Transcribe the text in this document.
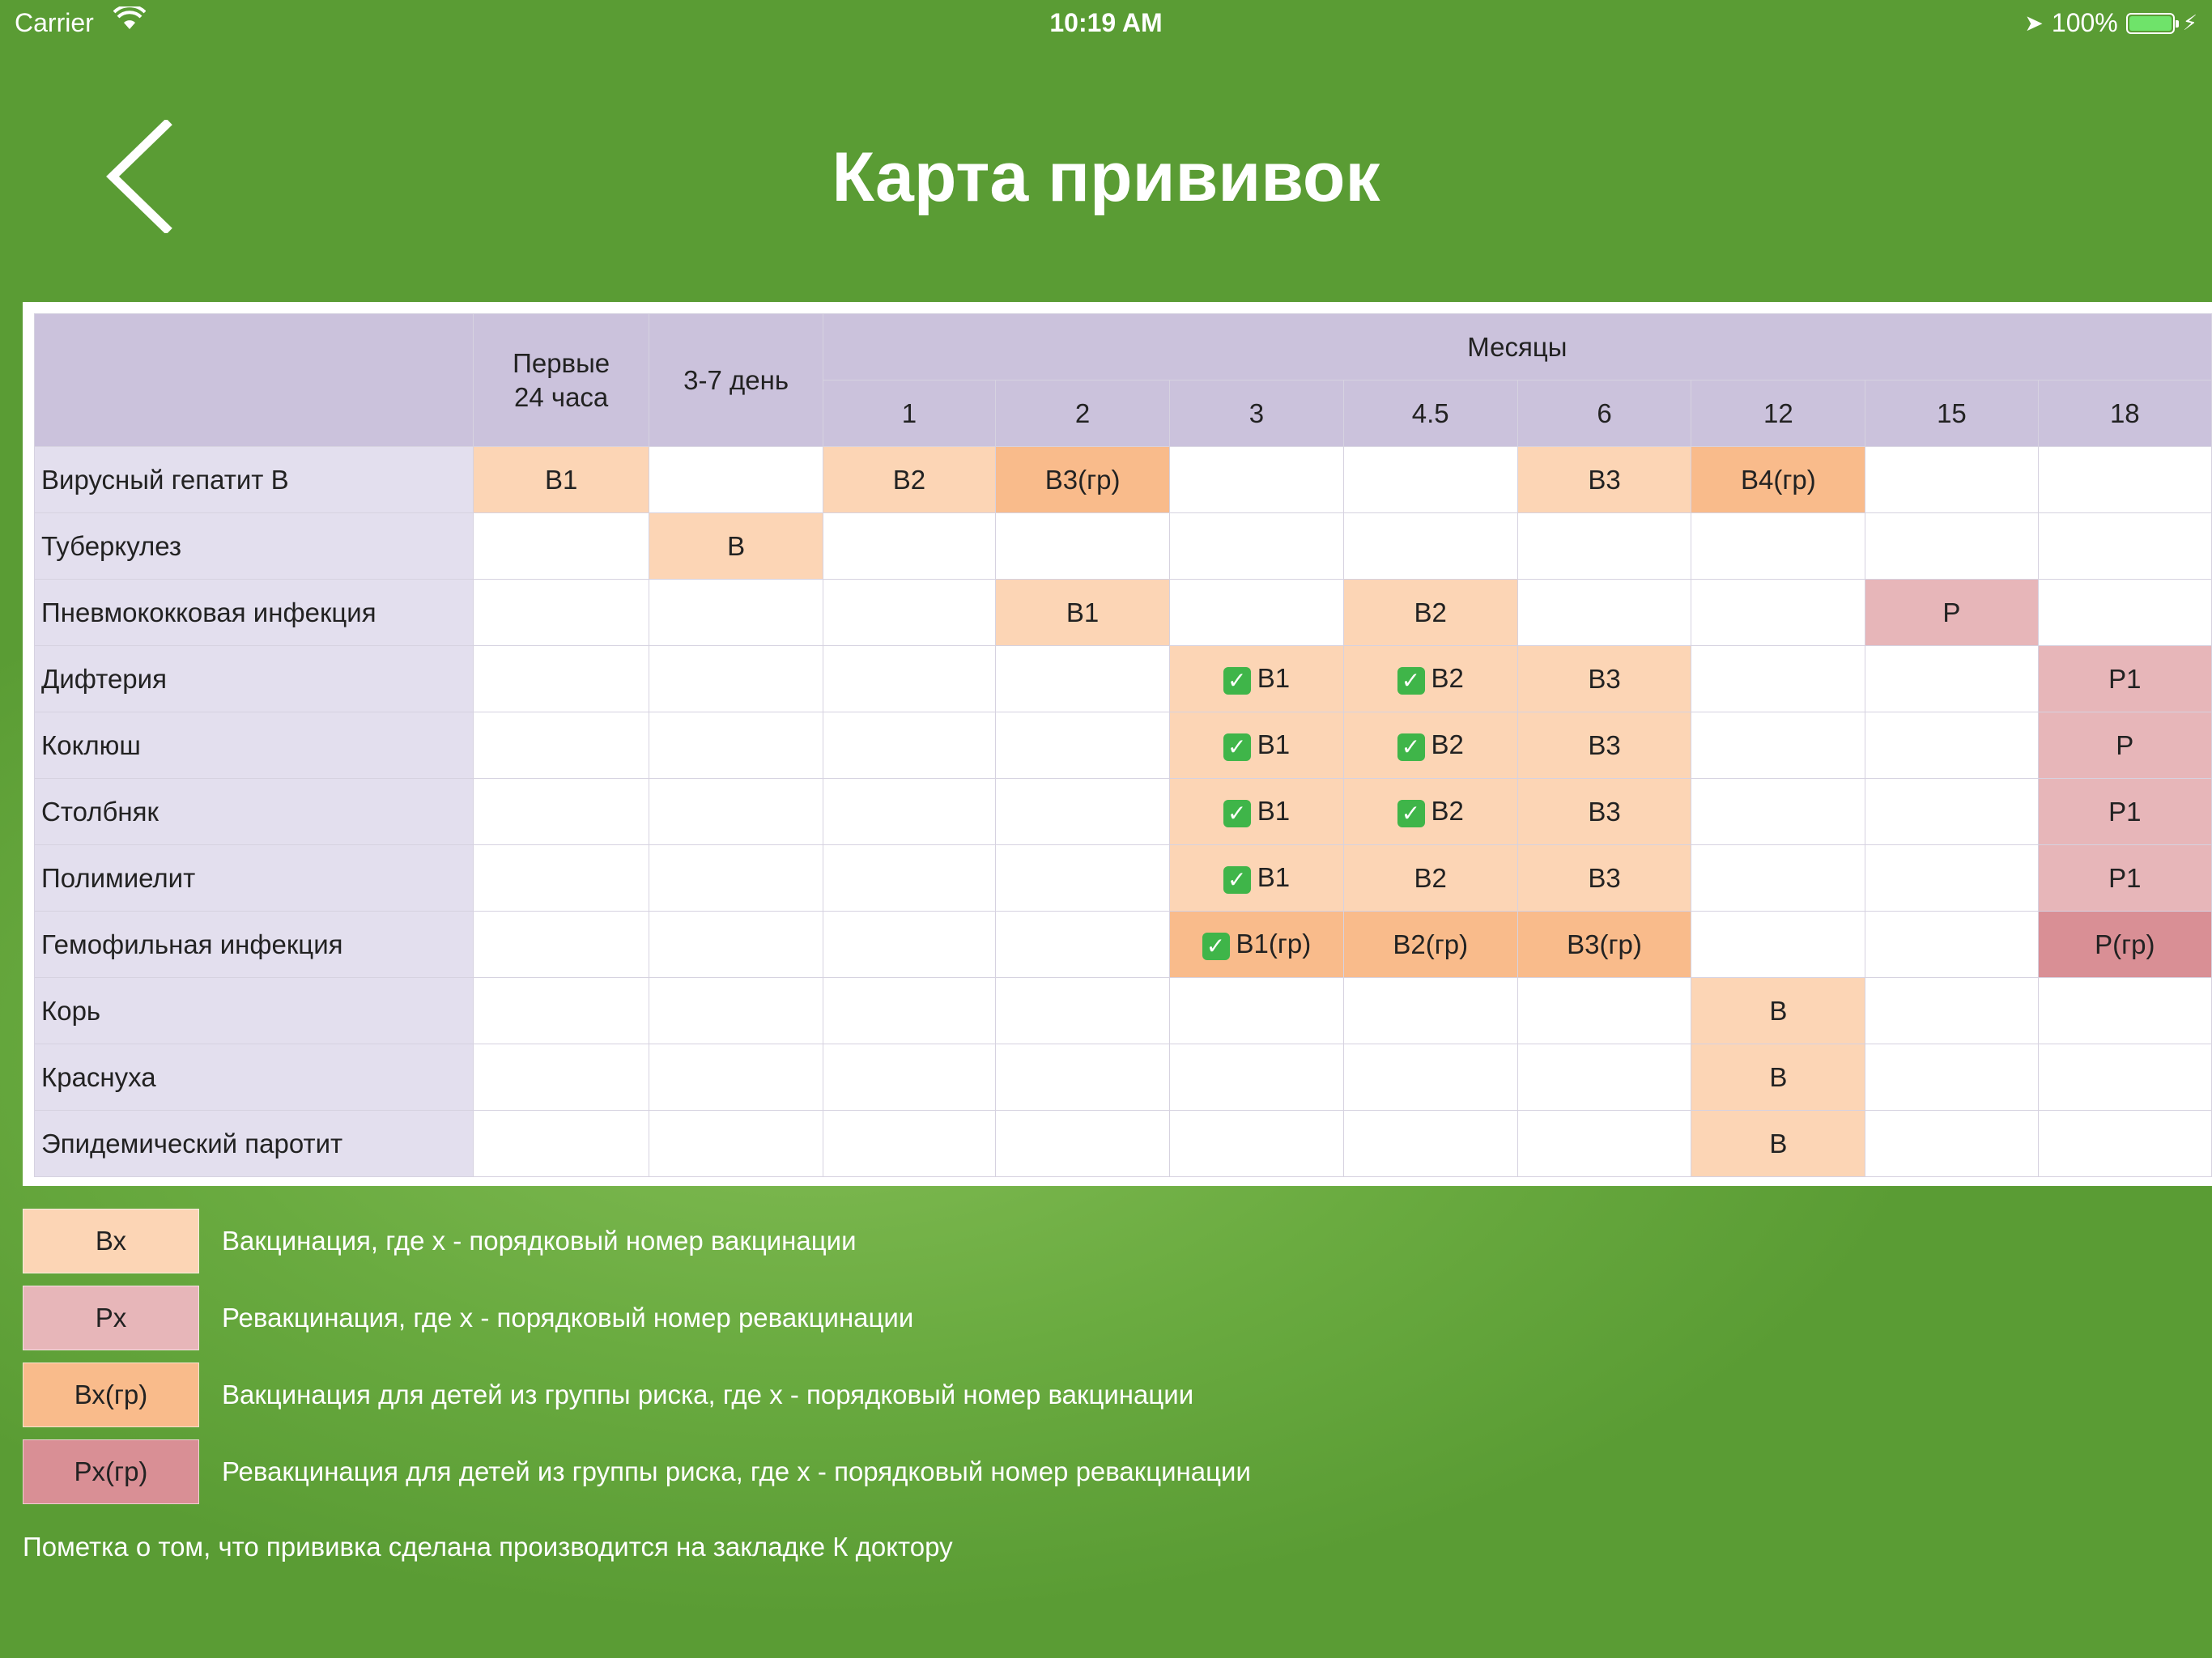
Carrier	10:19 AM	➤ 100%	⚡
Карта прививок
	Первые 24 часа	3-7 день	Месяцы							
			1	2	3	4.5	6	12	15	18
Вирусный гепатит B	В1		В2	В3(гр)			В3	В4(гр)		
Туберкулез		В								
Пневмококковая инфекция				В1		В2			Р	
Дифтерия					✓ В1	✓ В2	В3			Р1
Коклюш					✓ В1	✓ В2	В3			Р
Столбняк					✓ В1	✓ В2	В3			Р1
Полимиелит					✓ В1	В2	В3			Р1
Гемофильная инфекция					✓ В1(гр)	В2(гр)	В3(гр)			Р(гр)
Корь								В		
Краснуха								В		
Эпидемический паротит								В		
Вх	Вакцинация, где х - порядковый номер вакцинации
Рх	Ревакцинация, где х - порядковый номер ревакцинации
Вх(гр)	Вакцинация для детей из группы риска, где х - порядковый номер вакцинации
Рх(гр)	Ревакцинация для детей из группы риска, где х - порядковый номер ревакцинации
Пометка о том, что прививка сделана производится на закладке К доктору
